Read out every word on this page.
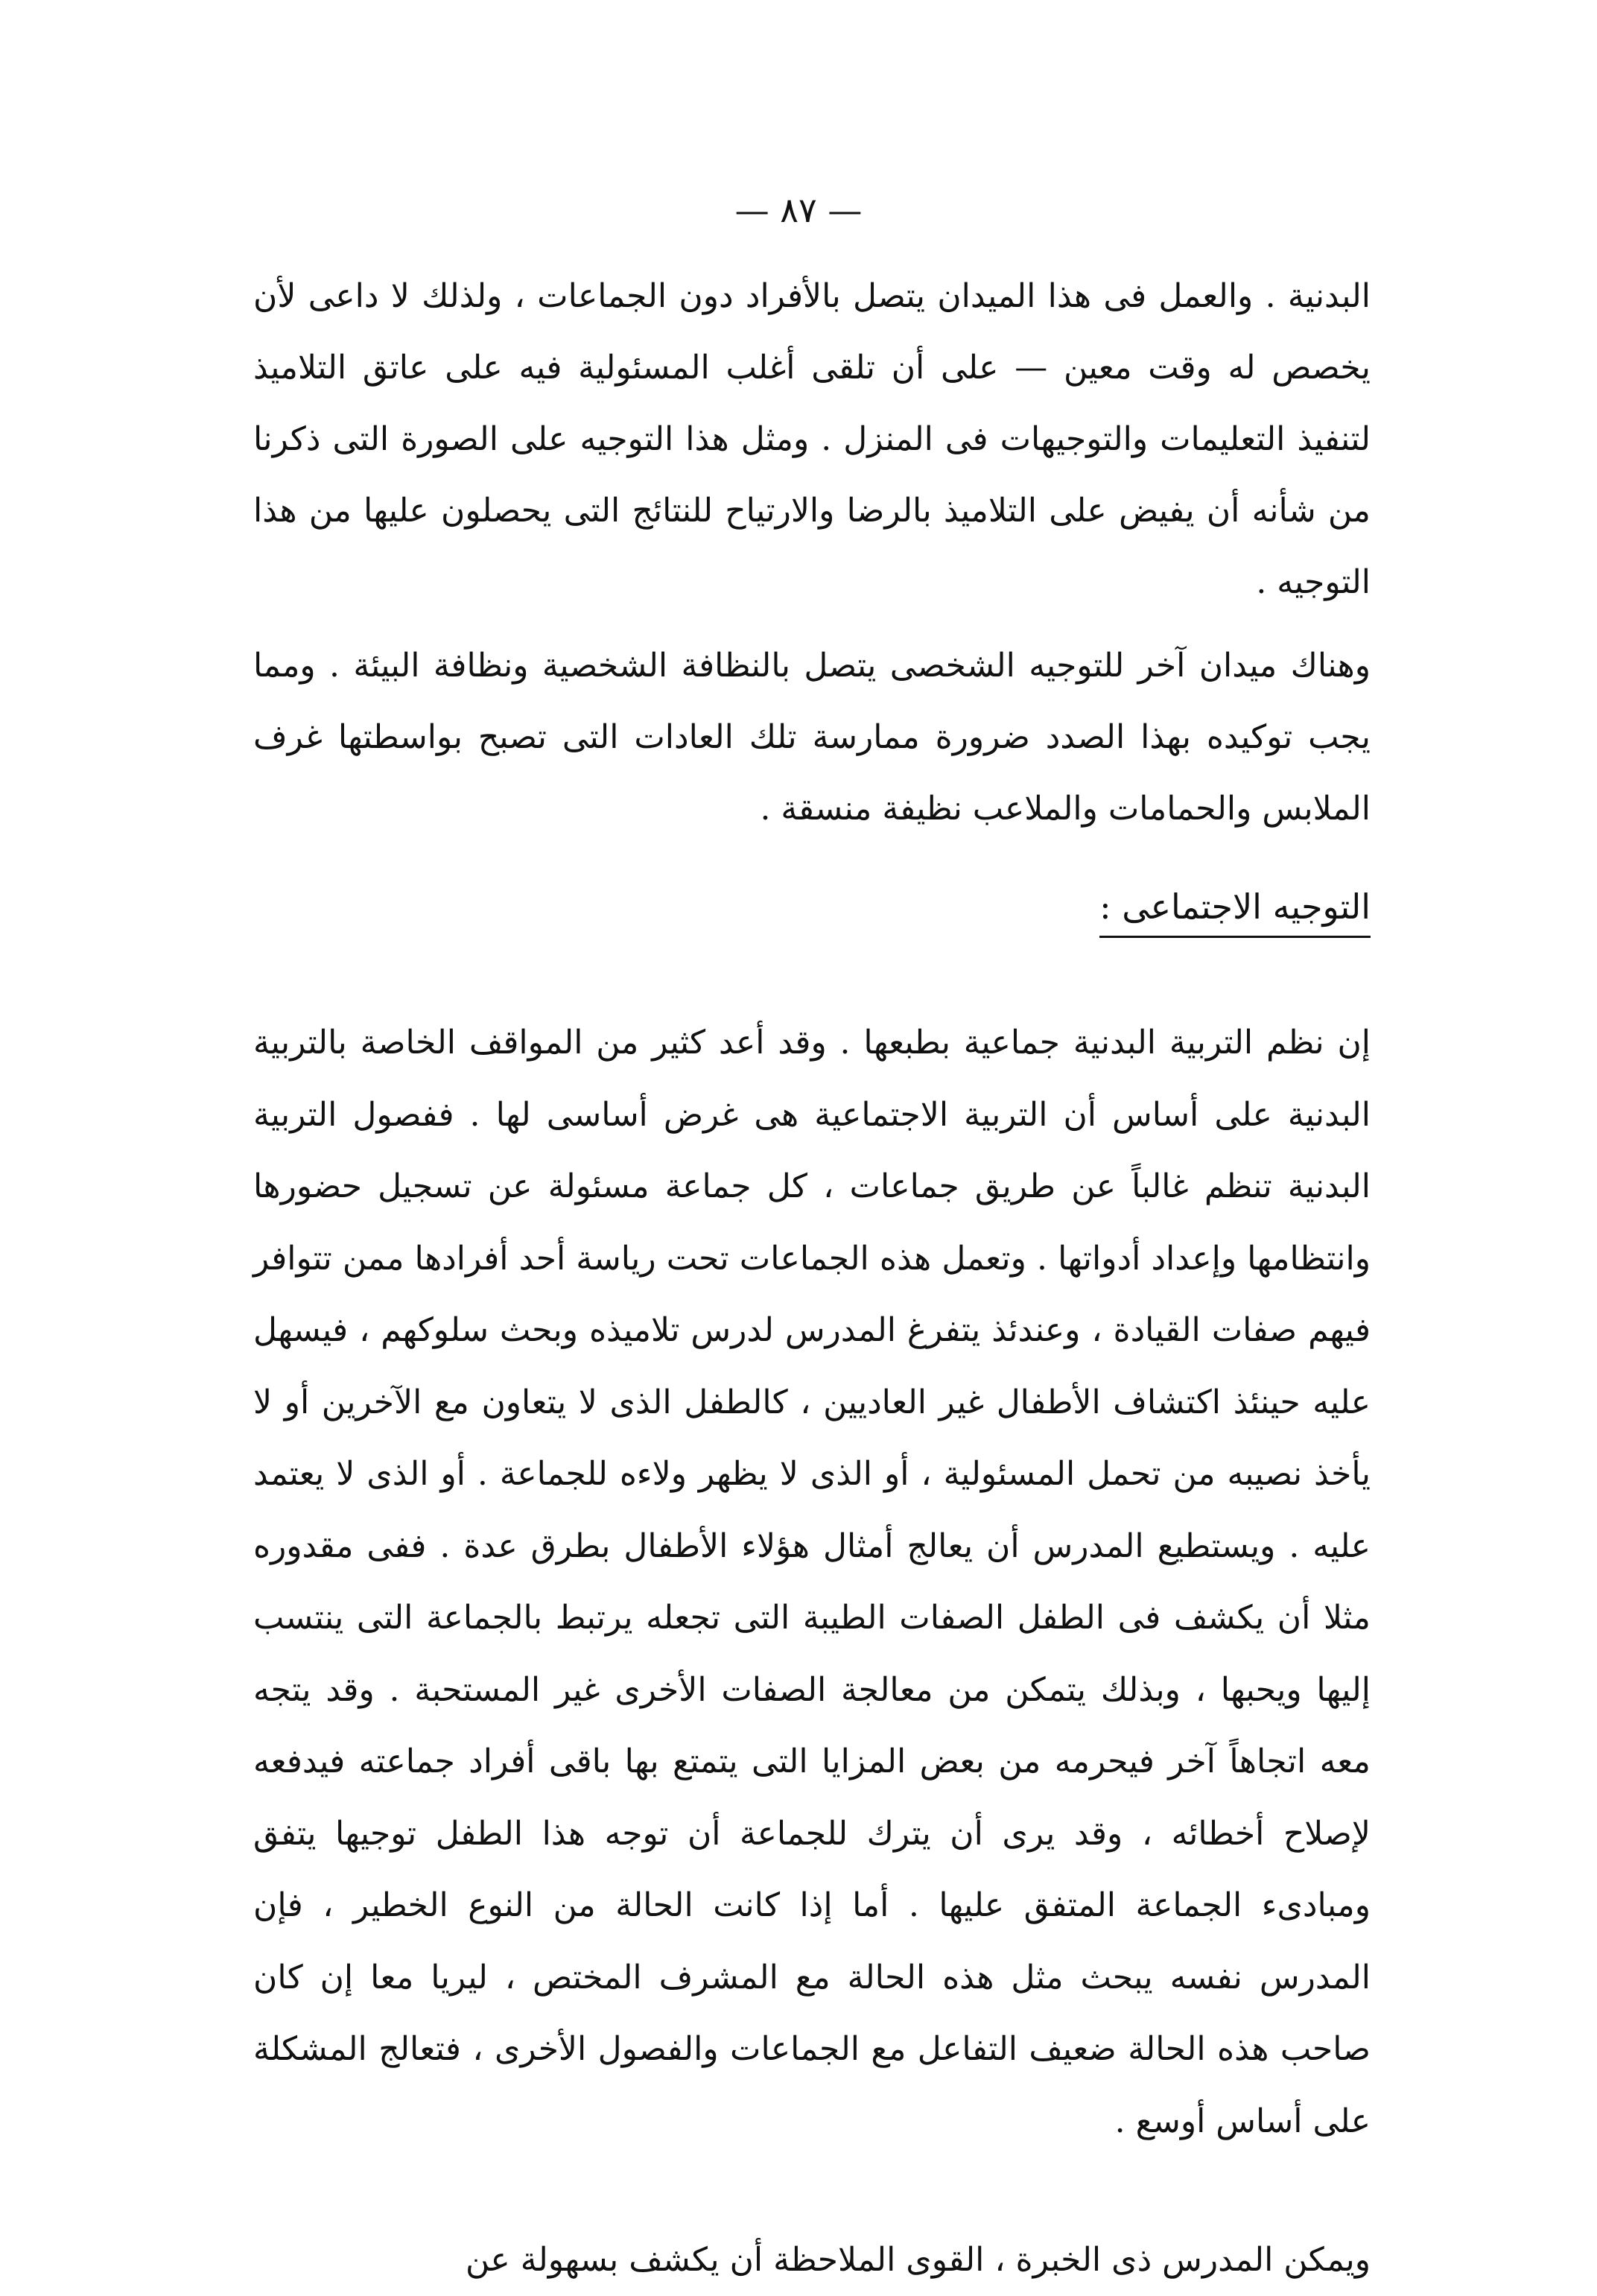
— ٨٧ —

البدنية . والعمل فى هذا الميدان يتصل بالأفراد دون الجماعات ، ولذلك لا داعى لأن يخصص له وقت معين — على أن تلقى أغلب المسئولية فيه على عاتق التلاميذ لتنفيذ التعليمات والتوجيهات فى المنزل . ومثل هذا التوجيه على الصورة التى ذكرنا من شأنه أن يفيض على التلاميذ بالرضا والارتياح للنتائج التى يحصلون عليها من هذا التوجيه .

وهناك ميدان آخر للتوجيه الشخصى يتصل بالنظافة الشخصية ونظافة البيئة . ومما يجب توكيده بهذا الصدد ضرورة ممارسة تلك العادات التى تصبح بواسطتها غرف الملابس والحمامات والملاعب نظيفة منسقة .

التوجيه الاجتماعى :

إن نظم التربية البدنية جماعية بطبعها . وقد أعد كثير من المواقف الخاصة بالتربية البدنية على أساس أن التربية الاجتماعية هى غرض أساسى لها . ففصول التربية البدنية تنظم غالباً عن طريق جماعات ، كل جماعة مسئولة عن تسجيل حضورها وانتظامها وإعداد أدواتها . وتعمل هذه الجماعات تحت رياسة أحد أفرادها ممن تتوافر فيهم صفات القيادة ، وعندئذ يتفرغ المدرس لدرس تلاميذه وبحث سلوكهم ، فيسهل عليه حينئذ اكتشاف الأطفال غير العاديين ، كالطفل الذى لا يتعاون مع الآخرين أو لا يأخذ نصيبه من تحمل المسئولية ، أو الذى لا يظهر ولاءه للجماعة . أو الذى لا يعتمد عليه . ويستطيع المدرس أن يعالج أمثال هؤلاء الأطفال بطرق عدة . ففى مقدوره مثلا أن يكشف فى الطفل الصفات الطيبة التى تجعله يرتبط بالجماعة التى ينتسب إليها ويحبها ، وبذلك يتمكن من معالجة الصفات الأخرى غير المستحبة . وقد يتجه معه اتجاهاً آخر فيحرمه من بعض المزايا التى يتمتع بها باقى أفراد جماعته فيدفعه لإصلاح أخطائه ، وقد يرى أن يترك للجماعة أن توجه هذا الطفل توجيها يتفق ومبادىء الجماعة المتفق عليها . أما إذا كانت الحالة من النوع الخطير ، فإن المدرس نفسه يبحث مثل هذه الحالة مع المشرف المختص ، ليريا معا إن كان صاحب هذه الحالة ضعيف التفاعل مع الجماعات والفصول الأخرى ، فتعالج المشكلة على أساس أوسع .

ويمكن المدرس ذى الخبرة ، القوى الملاحظة أن يكشف بسهولة عن
